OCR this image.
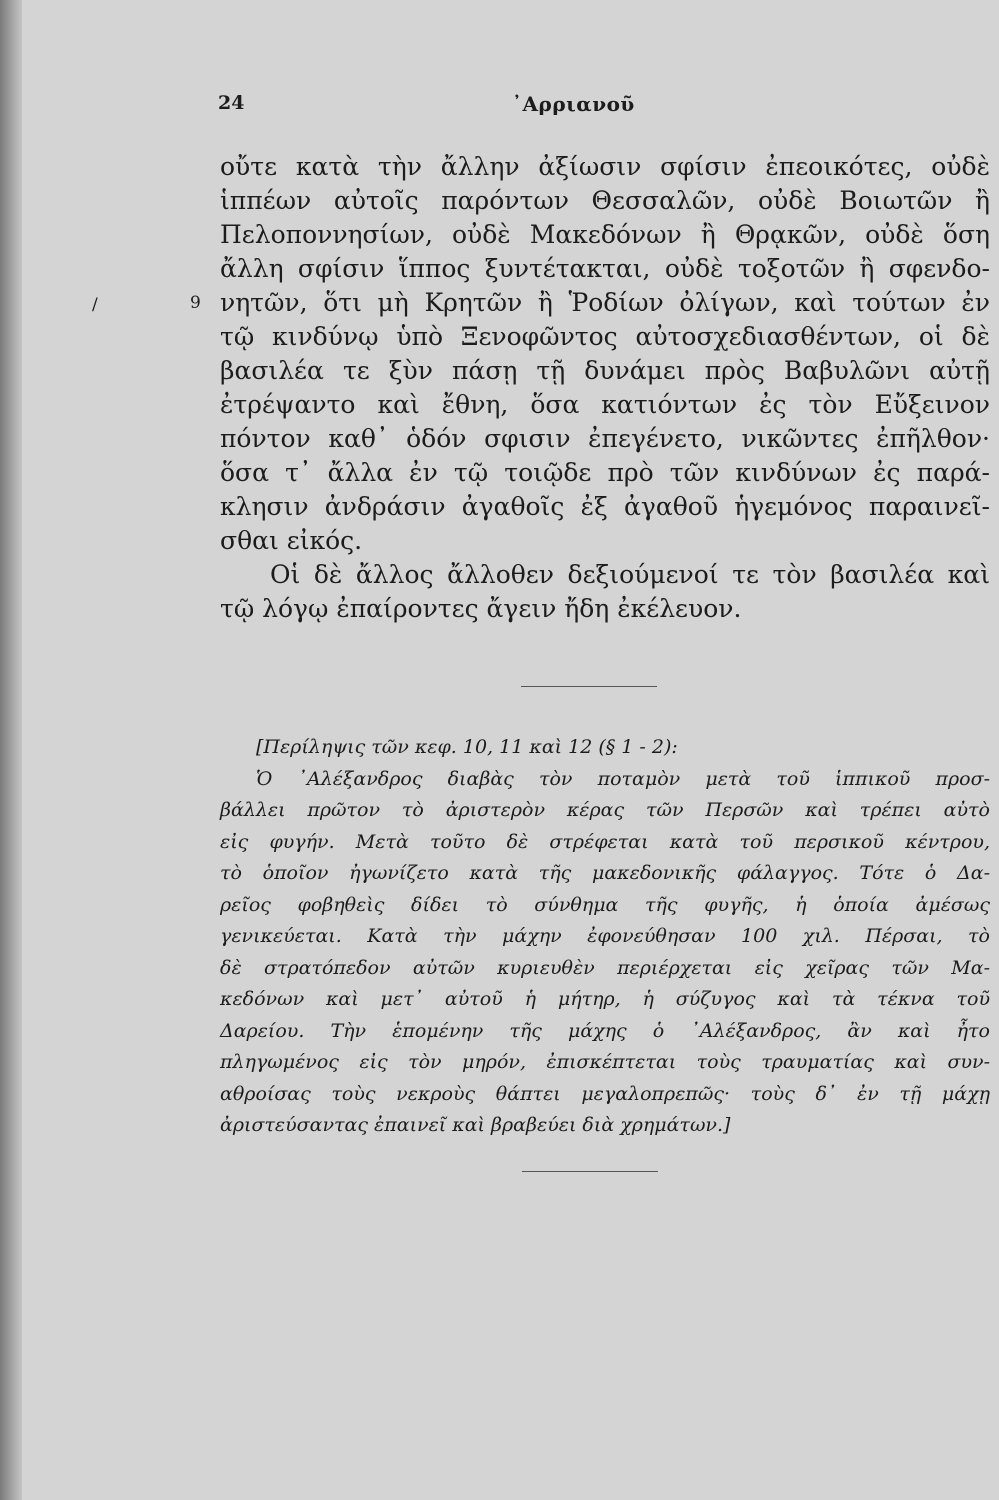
24	᾿Αρριανοῦ
/	9
οὔτε κατὰ τὴν ἄλλην ἀξίωσιν σφίσιν ἐπεοικότες, οὐδὲ
ἱππέων αὐτοῖς παρόντων Θεσσαλῶν, οὐδὲ Βοιωτῶν ἢ
Πελοποννησίων, οὐδὲ Μακεδόνων ἢ Θρᾳκῶν, οὐδὲ ὅση
ἄλλη σφίσιν ἵππος ξυντέτακται, οὐδὲ τοξοτῶν ἢ σφενδο-
νητῶν, ὅτι μὴ Κρητῶν ἢ Ῥοδίων ὀλίγων, καὶ τούτων ἐν
τῷ κινδύνῳ ὑπὸ Ξενοφῶντος αὐτοσχεδιασθέντων, οἱ δὲ
βασιλέα τε ξὺν πάσῃ τῇ δυνάμει πρὸς Βαβυλῶνι αὐτῇ
ἐτρέψαντο καὶ ἔθνη, ὅσα κατιόντων ἐς τὸν Εὔξεινον
πόντον καθ᾽ ὁδόν σφισιν ἐπεγένετο, νικῶντες ἐπῆλθον·
ὅσα τ᾽ ἄλλα ἐν τῷ τοιῷδε πρὸ τῶν κινδύνων ἐς παρά-
κλησιν ἀνδράσιν ἀγαθοῖς ἐξ ἀγαθοῦ ἡγεμόνος παραινεῖ-
σθαι εἰκός.
Οἱ δὲ ἄλλος ἄλλοθεν δεξιούμενοί τε τὸν βασιλέα καὶ
τῷ λόγῳ ἐπαίροντες ἄγειν ἤδη ἐκέλευον.
[Περίληψις τῶν κεφ. 10, 11 καὶ 12 (§ 1 - 2):
Ὁ ᾿Αλέξανδρος διαβὰς τὸν ποταμὸν μετὰ τοῦ ἱππικοῦ προσ-
βάλλει πρῶτον τὸ ἀριστερὸν κέρας τῶν Περσῶν καὶ τρέπει αὐτὸ
εἰς φυγήν. Μετὰ τοῦτο δὲ στρέφεται κατὰ τοῦ περσικοῦ κέντρου,
τὸ ὁποῖον ἠγωνίζετο κατὰ τῆς μακεδονικῆς φάλαγγος. Τότε ὁ Δα-
ρεῖος φοβηθεὶς δίδει τὸ σύνθημα τῆς φυγῆς, ἡ ὁποία ἀμέσως
γενικεύεται. Κατὰ τὴν μάχην ἐφονεύθησαν 100 χιλ. Πέρσαι, τὸ
δὲ στρατόπεδον αὐτῶν κυριευθὲν περιέρχεται εἰς χεῖρας τῶν Μα-
κεδόνων καὶ μετ᾽ αὐτοῦ ἡ μήτηρ, ἡ σύζυγος καὶ τὰ τέκνα τοῦ
Δαρείου. Τὴν ἑπομένην τῆς μάχης ὁ ᾿Αλέξανδρος, ἂν καὶ ἦτο
πληγωμένος εἰς τὸν μηρόν, ἐπισκέπτεται τοὺς τραυματίας καὶ συν-
αθροίσας τοὺς νεκροὺς θάπτει μεγαλοπρεπῶς· τοὺς δ᾽ ἐν τῇ μάχῃ
ἀριστεύσαντας ἐπαινεῖ καὶ βραβεύει διὰ χρημάτων.]
